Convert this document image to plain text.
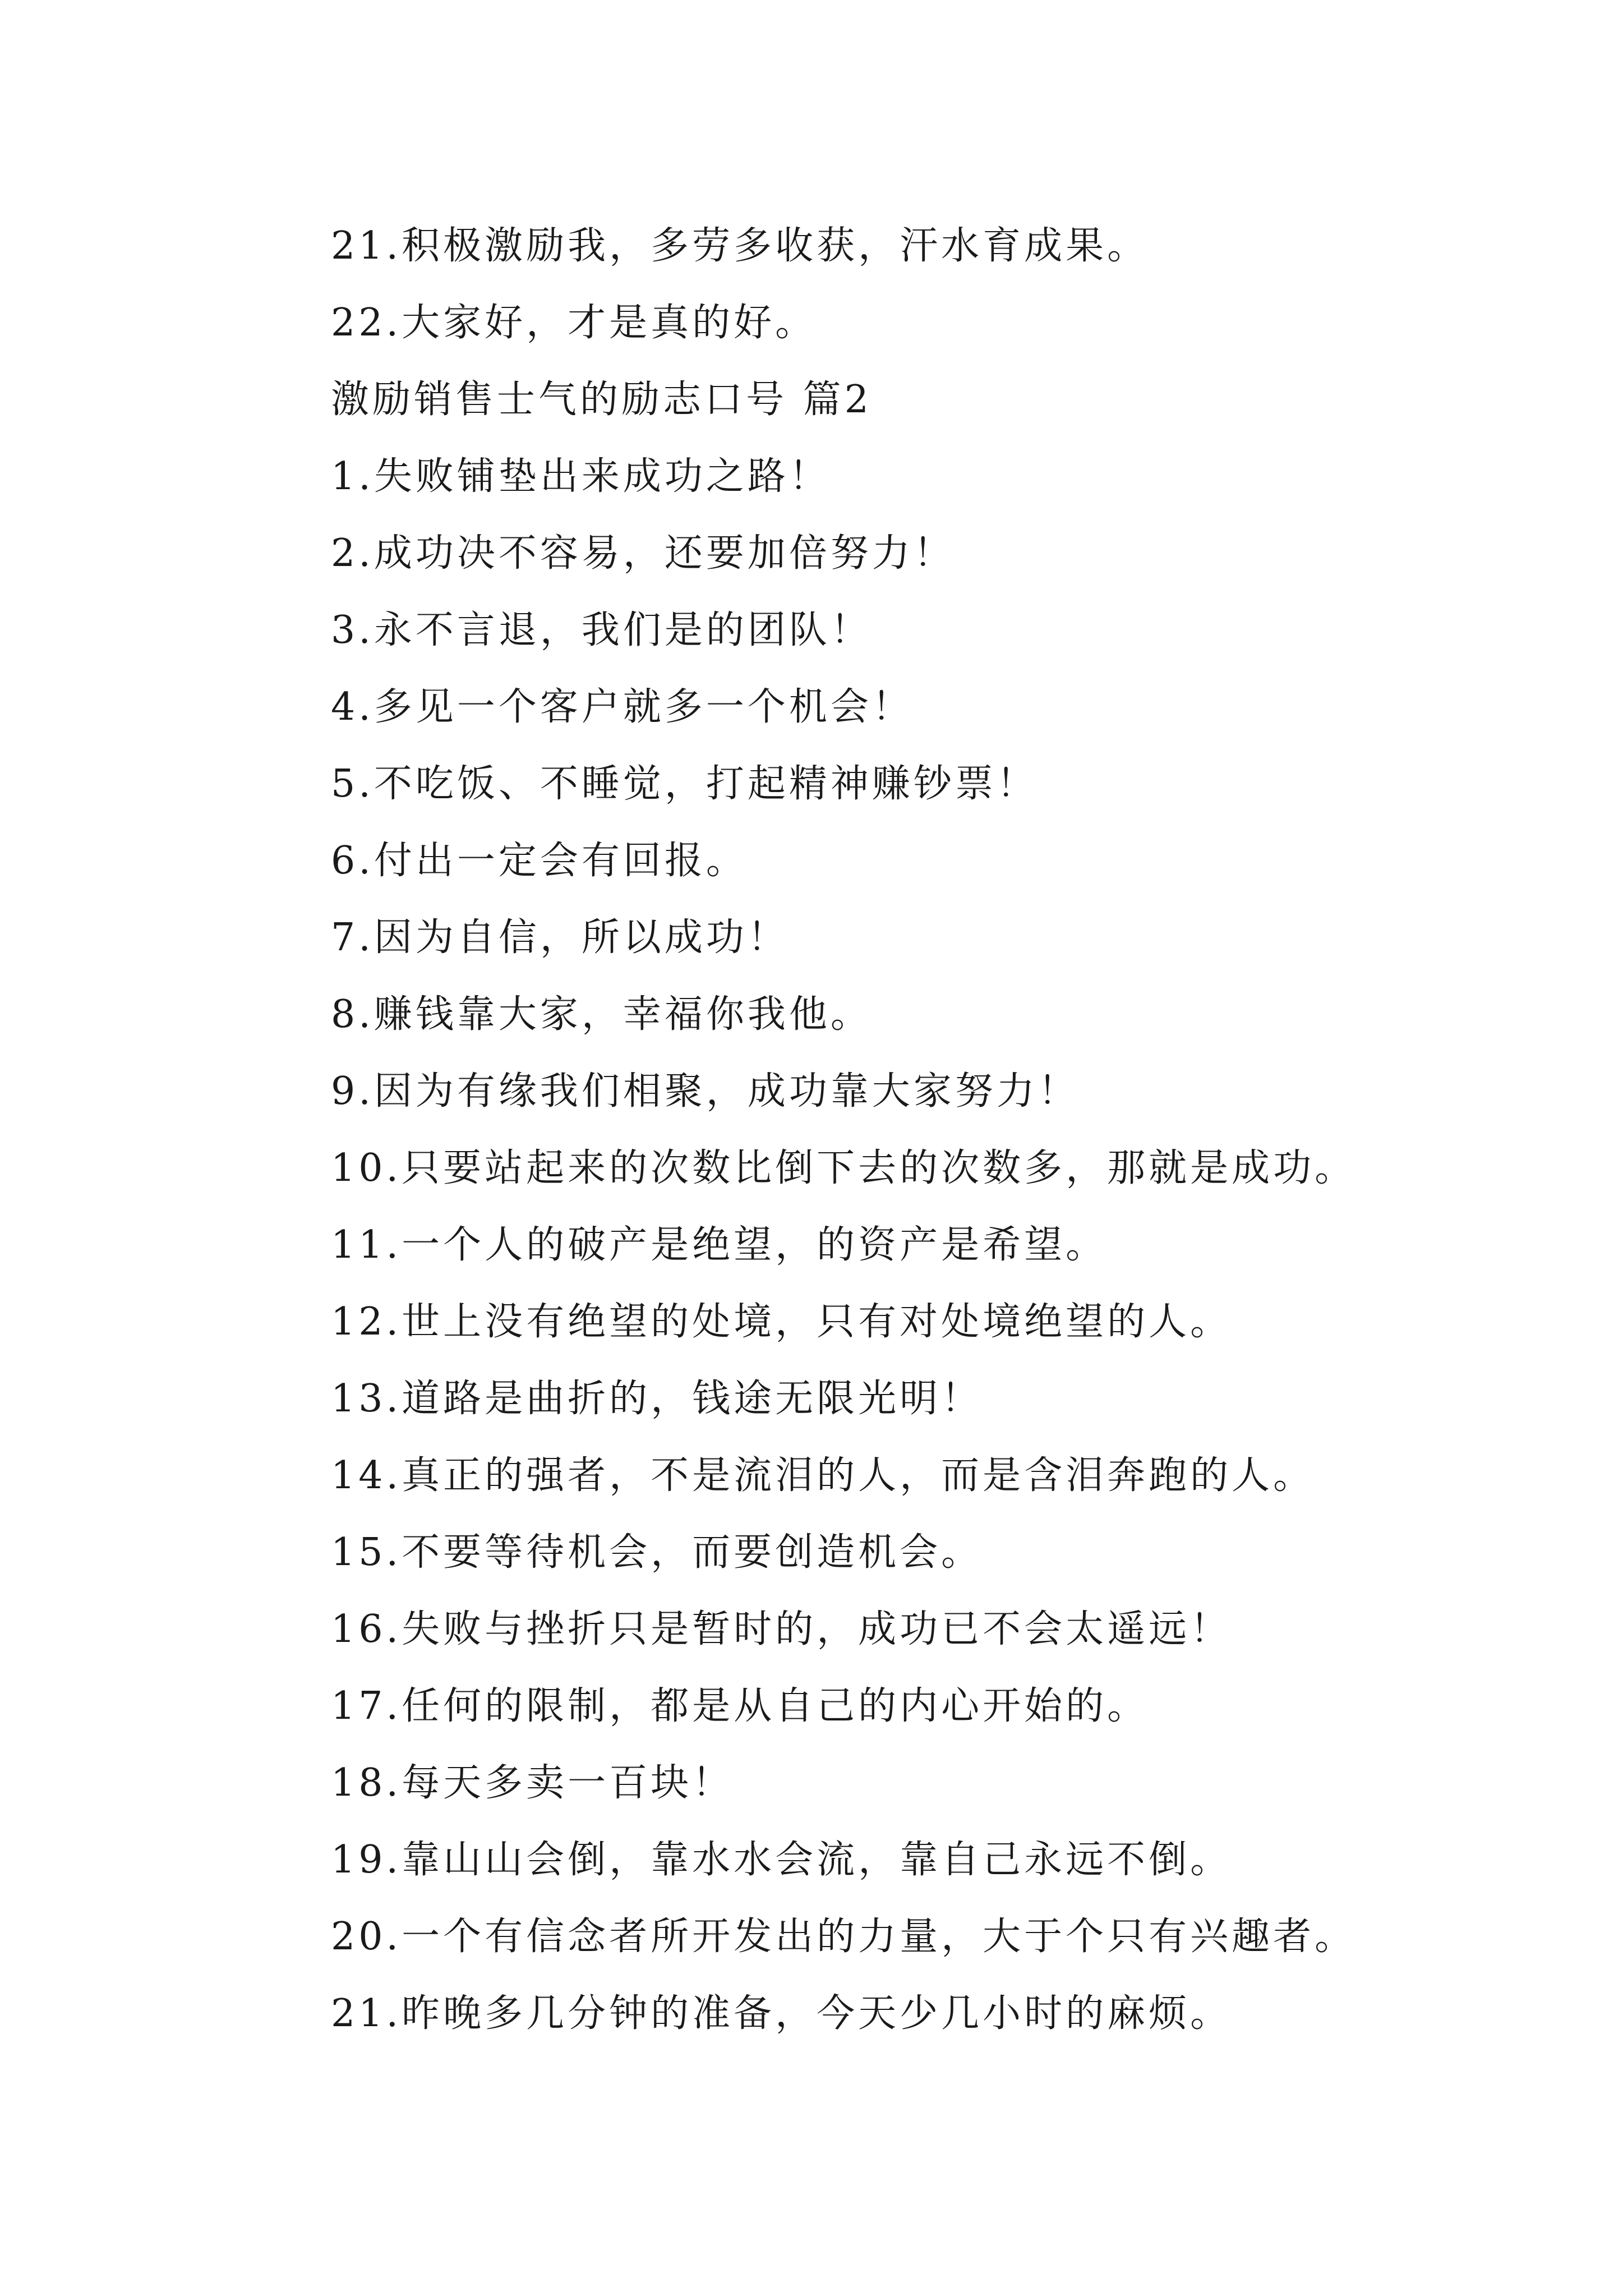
21.积极激励我，多劳多收获，汗水育成果。
22.大家好，才是真的好。
激励销售士气的励志口号 篇2
1.失败铺垫出来成功之路！
2.成功决不容易，还要加倍努力！
3.永不言退，我们是的团队！
4.多见一个客户就多一个机会！
5.不吃饭、不睡觉，打起精神赚钞票！
6.付出一定会有回报。
7.因为自信，所以成功！
8.赚钱靠大家，幸福你我他。
9.因为有缘我们相聚，成功靠大家努力！
10.只要站起来的次数比倒下去的次数多，那就是成功。
11.一个人的破产是绝望，的资产是希望。
12.世上没有绝望的处境，只有对处境绝望的人。
13.道路是曲折的，钱途无限光明！
14.真正的强者，不是流泪的人，而是含泪奔跑的人。
15.不要等待机会，而要创造机会。
16.失败与挫折只是暂时的，成功已不会太遥远！
17.任何的限制，都是从自己的内心开始的。
18.每天多卖一百块！
19.靠山山会倒，靠水水会流，靠自己永远不倒。
20.一个有信念者所开发出的力量，大于个只有兴趣者。
21.昨晚多几分钟的准备，今天少几小时的麻烦。
